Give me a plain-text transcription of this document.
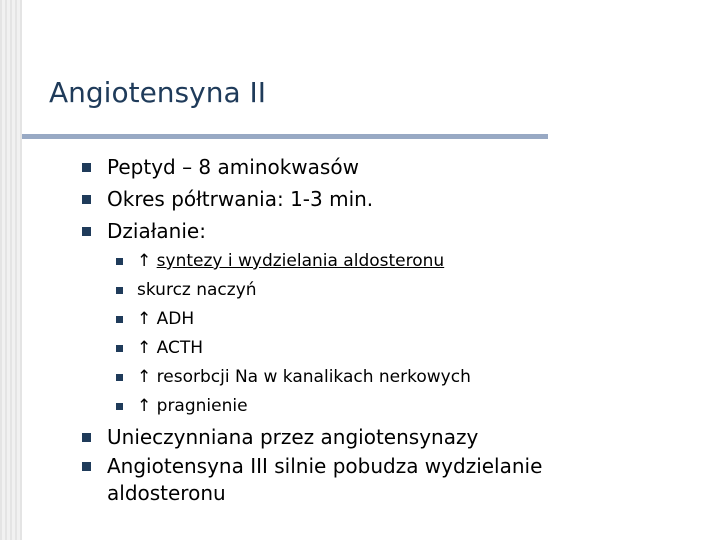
Angiotensyna II
Peptyd – 8 aminokwasów
Okres półtrwania: 1-3 min.
Działanie:
↑ syntezy i wydzielania aldosteronu
skurcz naczyń
↑ ADH
↑ ACTH
↑ resorbcji Na w kanalikach nerkowych
↑ pragnienie
Unieczynniana przez angiotensynazy
Angiotensyna III silnie pobudza wydzielanie
aldosteronu
